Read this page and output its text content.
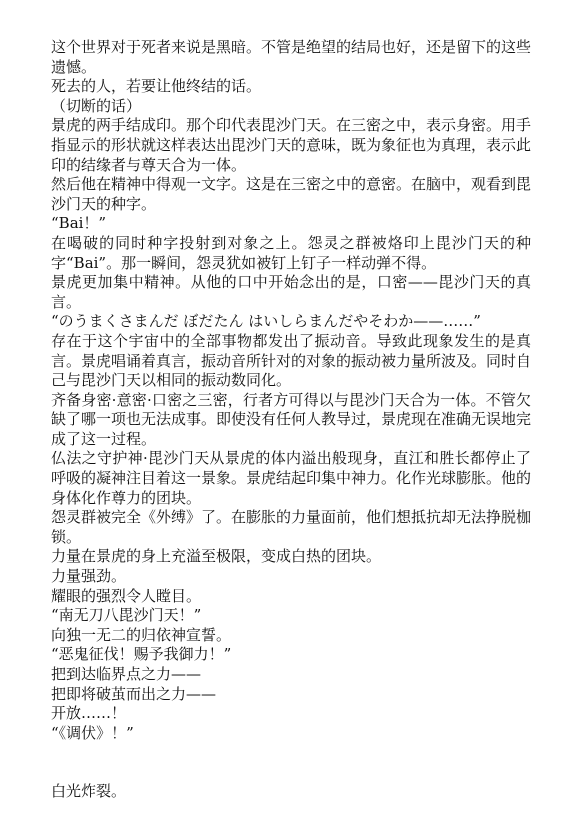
这个世界对于死者来说是黑暗。不管是绝望的结局也好，还是留下的这些遗憾。

死去的人，若要让他终结的话。

（切断的话）

景虎的两手结成印。那个印代表毘沙门天。在三密之中，表示身密。用手指显示的形状就这样表达出毘沙门天的意味，既为象征也为真理，表示此印的结缘者与尊天合为一体。

然后他在精神中得观一文字。这是在三密之中的意密。在脑中，观看到毘沙门天的种字。

“Bai！”

在喝破的同时种字投射到对象之上。怨灵之群被烙印上毘沙门天的种字“Bai”。那一瞬间，怨灵犹如被钉上钉子一样动弹不得。

景虎更加集中精神。从他的口中开始念出的是，口密——毘沙门天的真言。

“のうまくさまんだ ぼだたん はいしらまんだやそわか——……”

存在于这个宇宙中的全部事物都发出了振动音。导致此现象发生的是真言。景虎唱诵着真言，振动音所针对的对象的振动被力量所波及。同时自己与毘沙门天以相同的振动数同化。

齐备身密·意密·口密之三密，行者方可得以与毘沙门天合为一体。不管欠缺了哪一项也无法成事。即使没有任何人教导过，景虎现在准确无误地完成了这一过程。

仏法之守护神·毘沙门天从景虎的体内溢出般现身，直江和胜长都停止了呼吸的凝神注目着这一景象。景虎结起印集中神力。化作光球膨胀。他的身体化作尊力的团块。

怨灵群被完全《外缚》了。在膨胀的力量面前，他们想抵抗却无法挣脱枷锁。

力量在景虎的身上充溢至极限，变成白热的团块。

力量强劲。

耀眼的强烈令人瞠目。

“南无刀八毘沙门天！”

向独一无二的归依神宣誓。

“恶鬼征伐！赐予我御力！”

把到达临界点之力——

把即将破茧而出之力——

开放……！

“《调伏》！”

白光炸裂。
